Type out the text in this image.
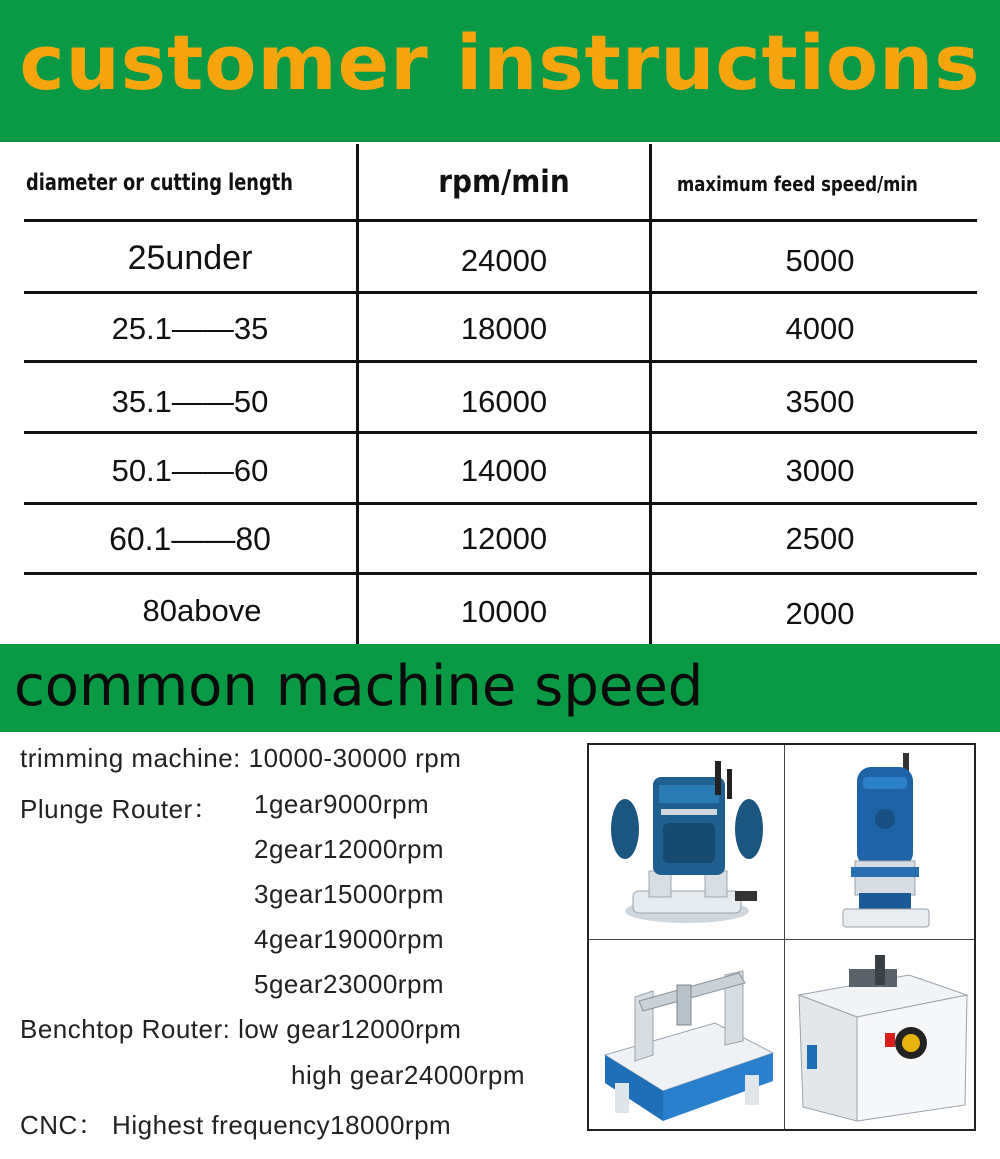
customer instructions
diameter or cutting length	rpm/min	maximum feed speed/min
25under	24000	5000
25.1——35	18000	4000
35.1——50	16000	3500
50.1——60	14000	3000
60.1——80	12000	2500
80above	10000	2000
common machine speed
trimming machine: 10000-30000 rpm
Plunge Router： 1gear9000rpm
2gear12000rpm
3gear15000rpm
4gear19000rpm
5gear23000rpm
Benchtop Router: low gear12000rpm
high gear24000rpm
CNC： Highest frequency18000rpm
